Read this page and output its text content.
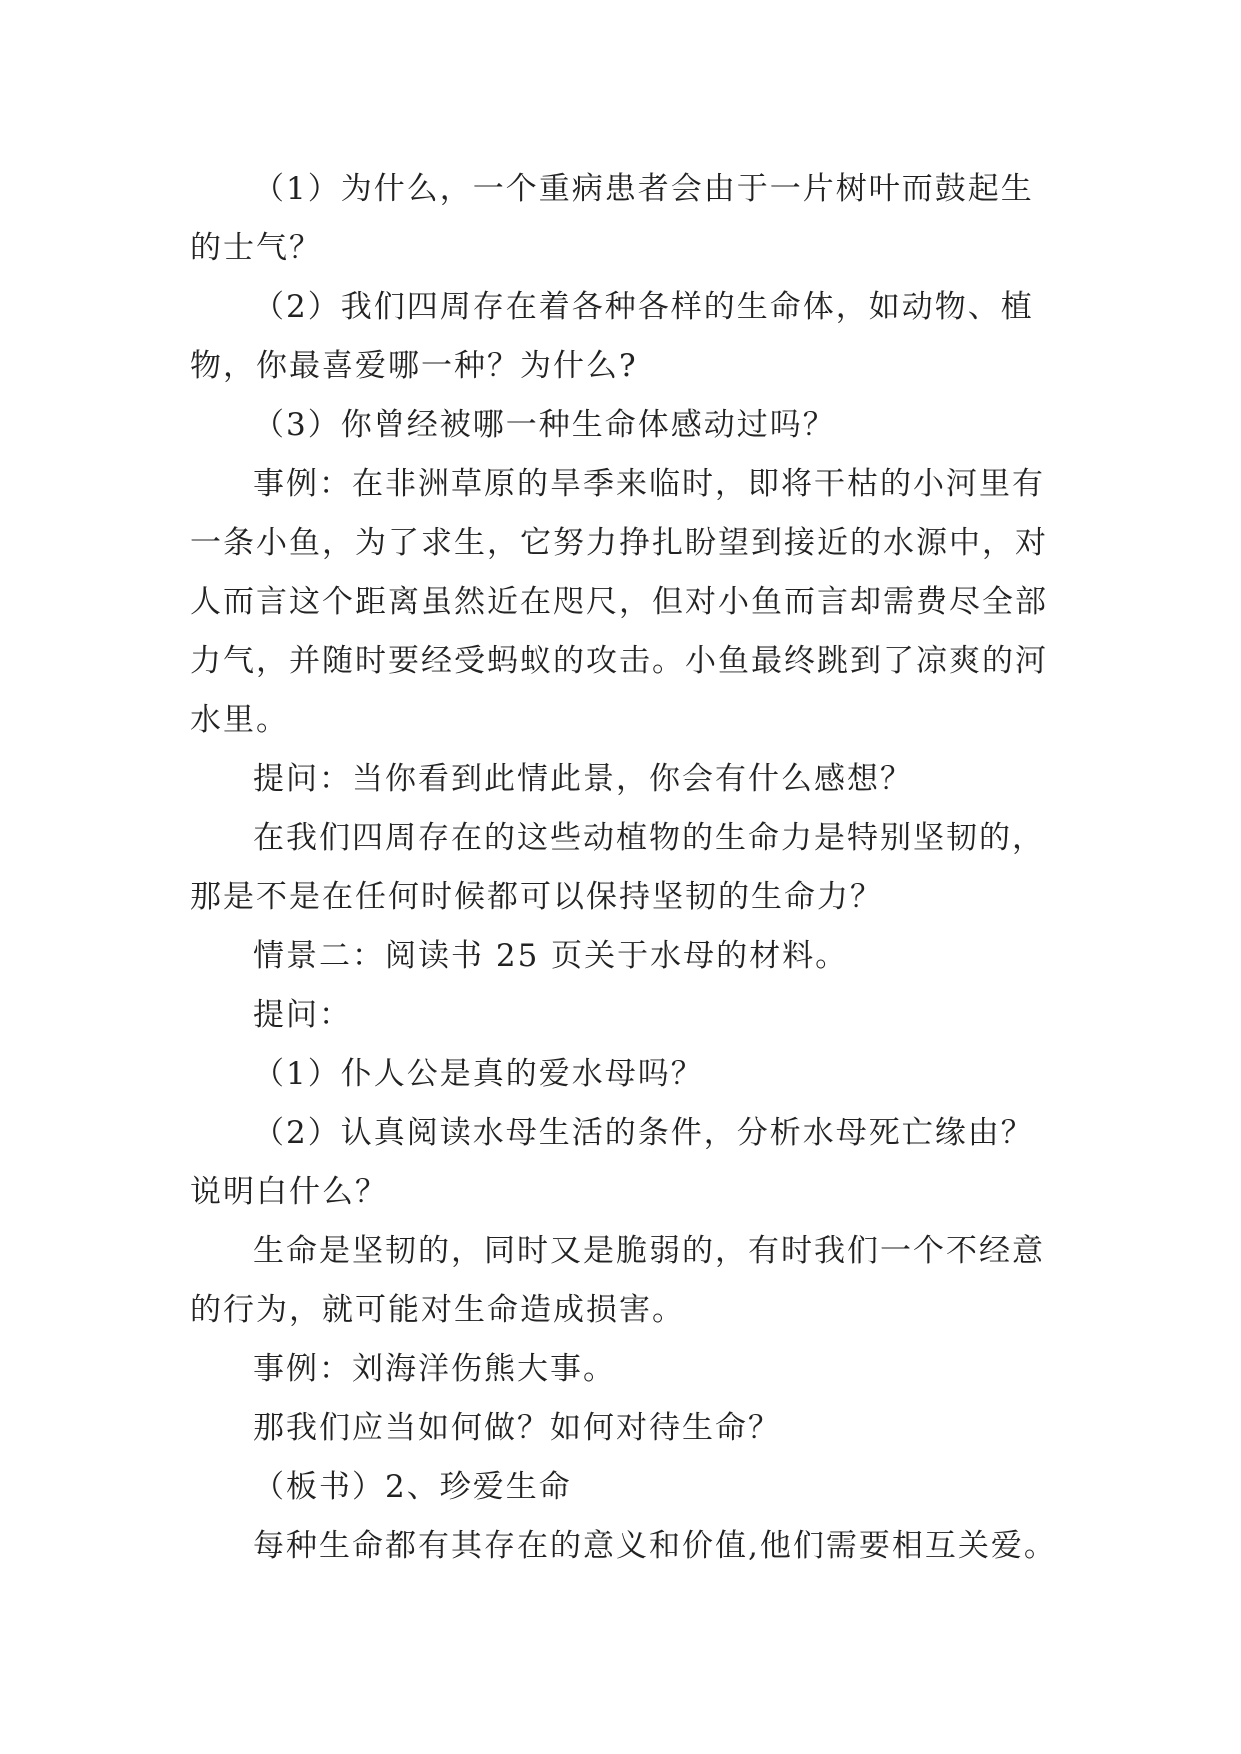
（1）为什么，一个重病患者会由于一片树叶而鼓起生

的士气？

（2）我们四周存在着各种各样的生命体，如动物、植

物，你最喜爱哪一种？为什么?

（3）你曾经被哪一种生命体感动过吗？

事例：在非洲草原的旱季来临时，即将干枯的小河里有

一条小鱼，为了求生，它努力挣扎盼望到接近的水源中，对

人而言这个距离虽然近在咫尺，但对小鱼而言却需费尽全部

力气，并随时要经受蚂蚁的攻击。小鱼最终跳到了凉爽的河

水里。

提问：当你看到此情此景，你会有什么感想？

在我们四周存在的这些动植物的生命力是特别坚韧的，

那是不是在任何时候都可以保持坚韧的生命力？

情景二：阅读书 25 页关于水母的材料。

提问：

（1）仆人公是真的爱水母吗？

（2）认真阅读水母生活的条件，分析水母死亡缘由？

说明白什么？

生命是坚韧的，同时又是脆弱的，有时我们一个不经意

的行为，就可能对生命造成损害。

事例：刘海洋伤熊大事。

那我们应当如何做？如何对待生命？

（板书）2、珍爱生命

每种生命都有其存在的意义和价值,他们需要相互关爱。
